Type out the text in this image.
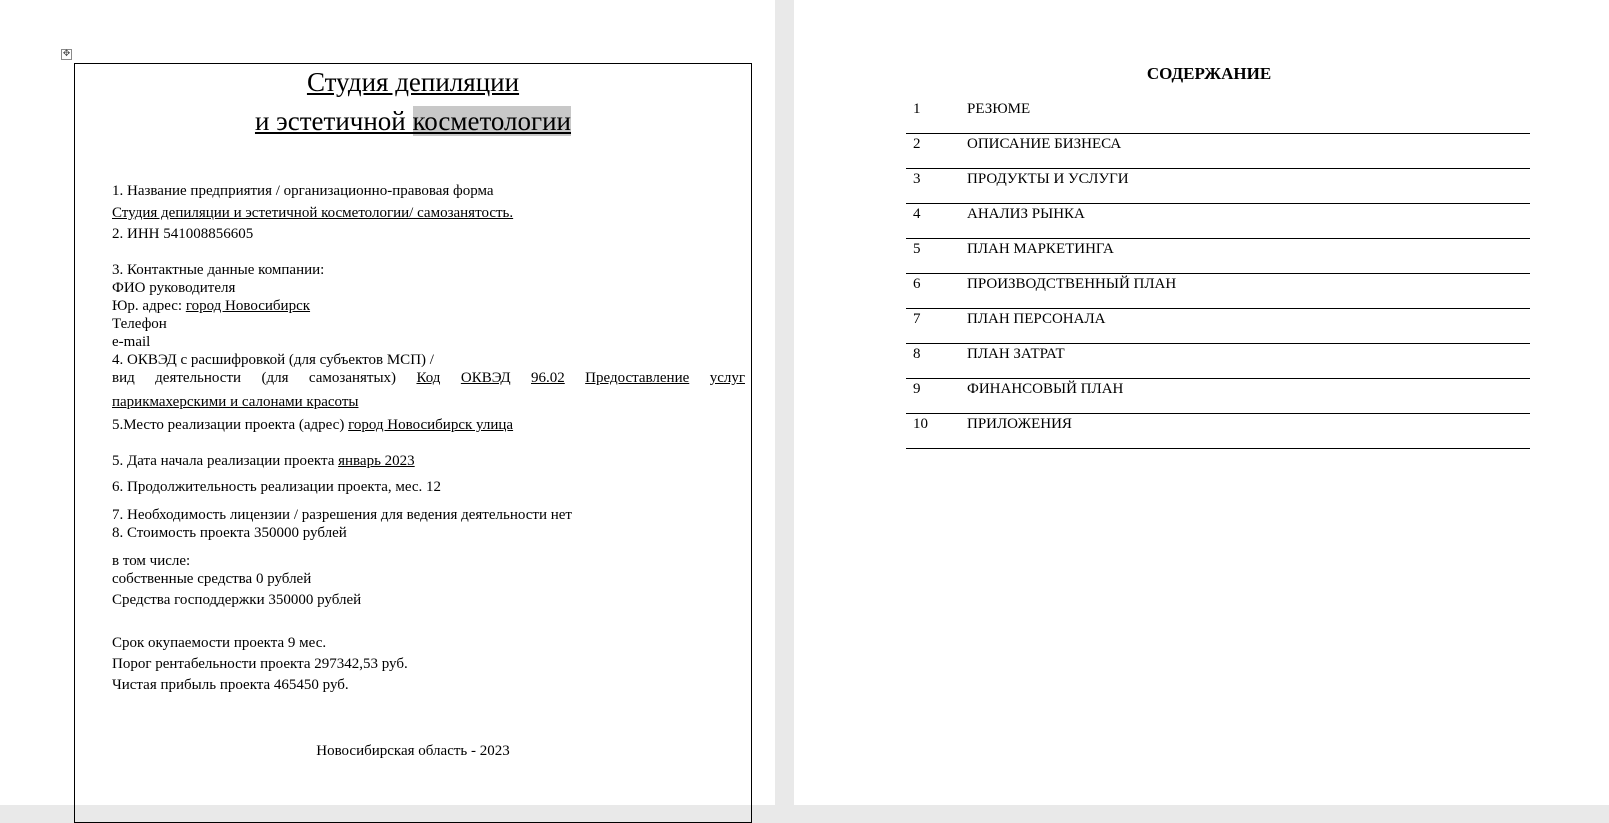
✥
Студия депиляции
и эстетичной косметологии
1. Название предприятия / организационно-правовая форма
Студия депиляции и эстетичной косметологии/ самозанятость.
2. ИНН 541008856605
3. Контактные данные компании:
ФИО руководителя
Юр. адрес: город Новосибирск
Телефон
e-mail
4. ОКВЭД с расшифровкой (для субъектов МСП) /
вид деятельности (для самозанятых) Код ОКВЭД 96.02 Предоставление услуг
парикмахерскими и салонами красоты
5.Место реализации проекта (адрес) город Новосибирск улица
5. Дата начала реализации проекта январь 2023
6. Продолжительность реализации проекта, мес. 12
7. Необходимость лицензии / разрешения для ведения деятельности нет
8. Стоимость проекта 350000 рублей
в том числе:
собственные средства 0 рублей
Средства господдержки 350000 рублей
Срок окупаемости проекта 9 мес.
Порог рентабельности проекта 297342,53 руб.
Чистая прибыль проекта 465450 руб.
Новосибирская область - 2023
СОДЕРЖАНИЕ
1	РЕЗЮМЕ
2	ОПИСАНИЕ БИЗНЕСА
3	ПРОДУКТЫ И УСЛУГИ
4	АНАЛИЗ РЫНКА
5	ПЛАН МАРКЕТИНГА
6	ПРОИЗВОДСТВЕННЫЙ ПЛАН
7	ПЛАН ПЕРСОНАЛА
8	ПЛАН ЗАТРАТ
9	ФИНАНСОВЫЙ ПЛАН
10	ПРИЛОЖЕНИЯ
